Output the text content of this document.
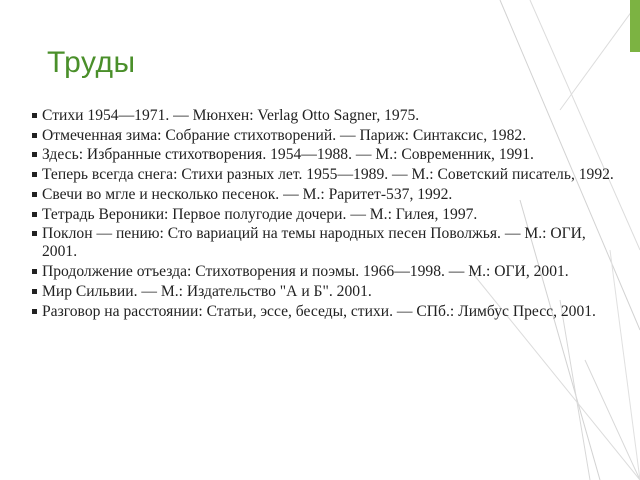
Труды
Стихи 1954—1971. — Мюнхен: Verlag Otto Sagner, 1975.
Отмеченная зима: Собрание стихотворений. — Париж: Синтаксис, 1982.
Здесь: Избранные стихотворения. 1954—1988. — М.: Современник, 1991.
Теперь всегда снега: Стихи разных лет. 1955—1989. — М.: Советский писатель, 1992.
Свечи во мгле и несколько песенок. — М.: Раритет-537, 1992.
Тетрадь Вероники: Первое полугодие дочери. — М.: Гилея, 1997.
Поклон — пению: Сто вариаций на темы народных песен Поволжья. — М.: ОГИ, 2001.
Продолжение отъезда: Стихотворения и поэмы. 1966—1998. — М.: ОГИ, 2001.
Мир Сильвии. — М.: Издательство "А и Б". 2001.
Разговор на расстоянии: Статьи, эссе, беседы, стихи. — СПб.: Лимбус Пресс, 2001.
